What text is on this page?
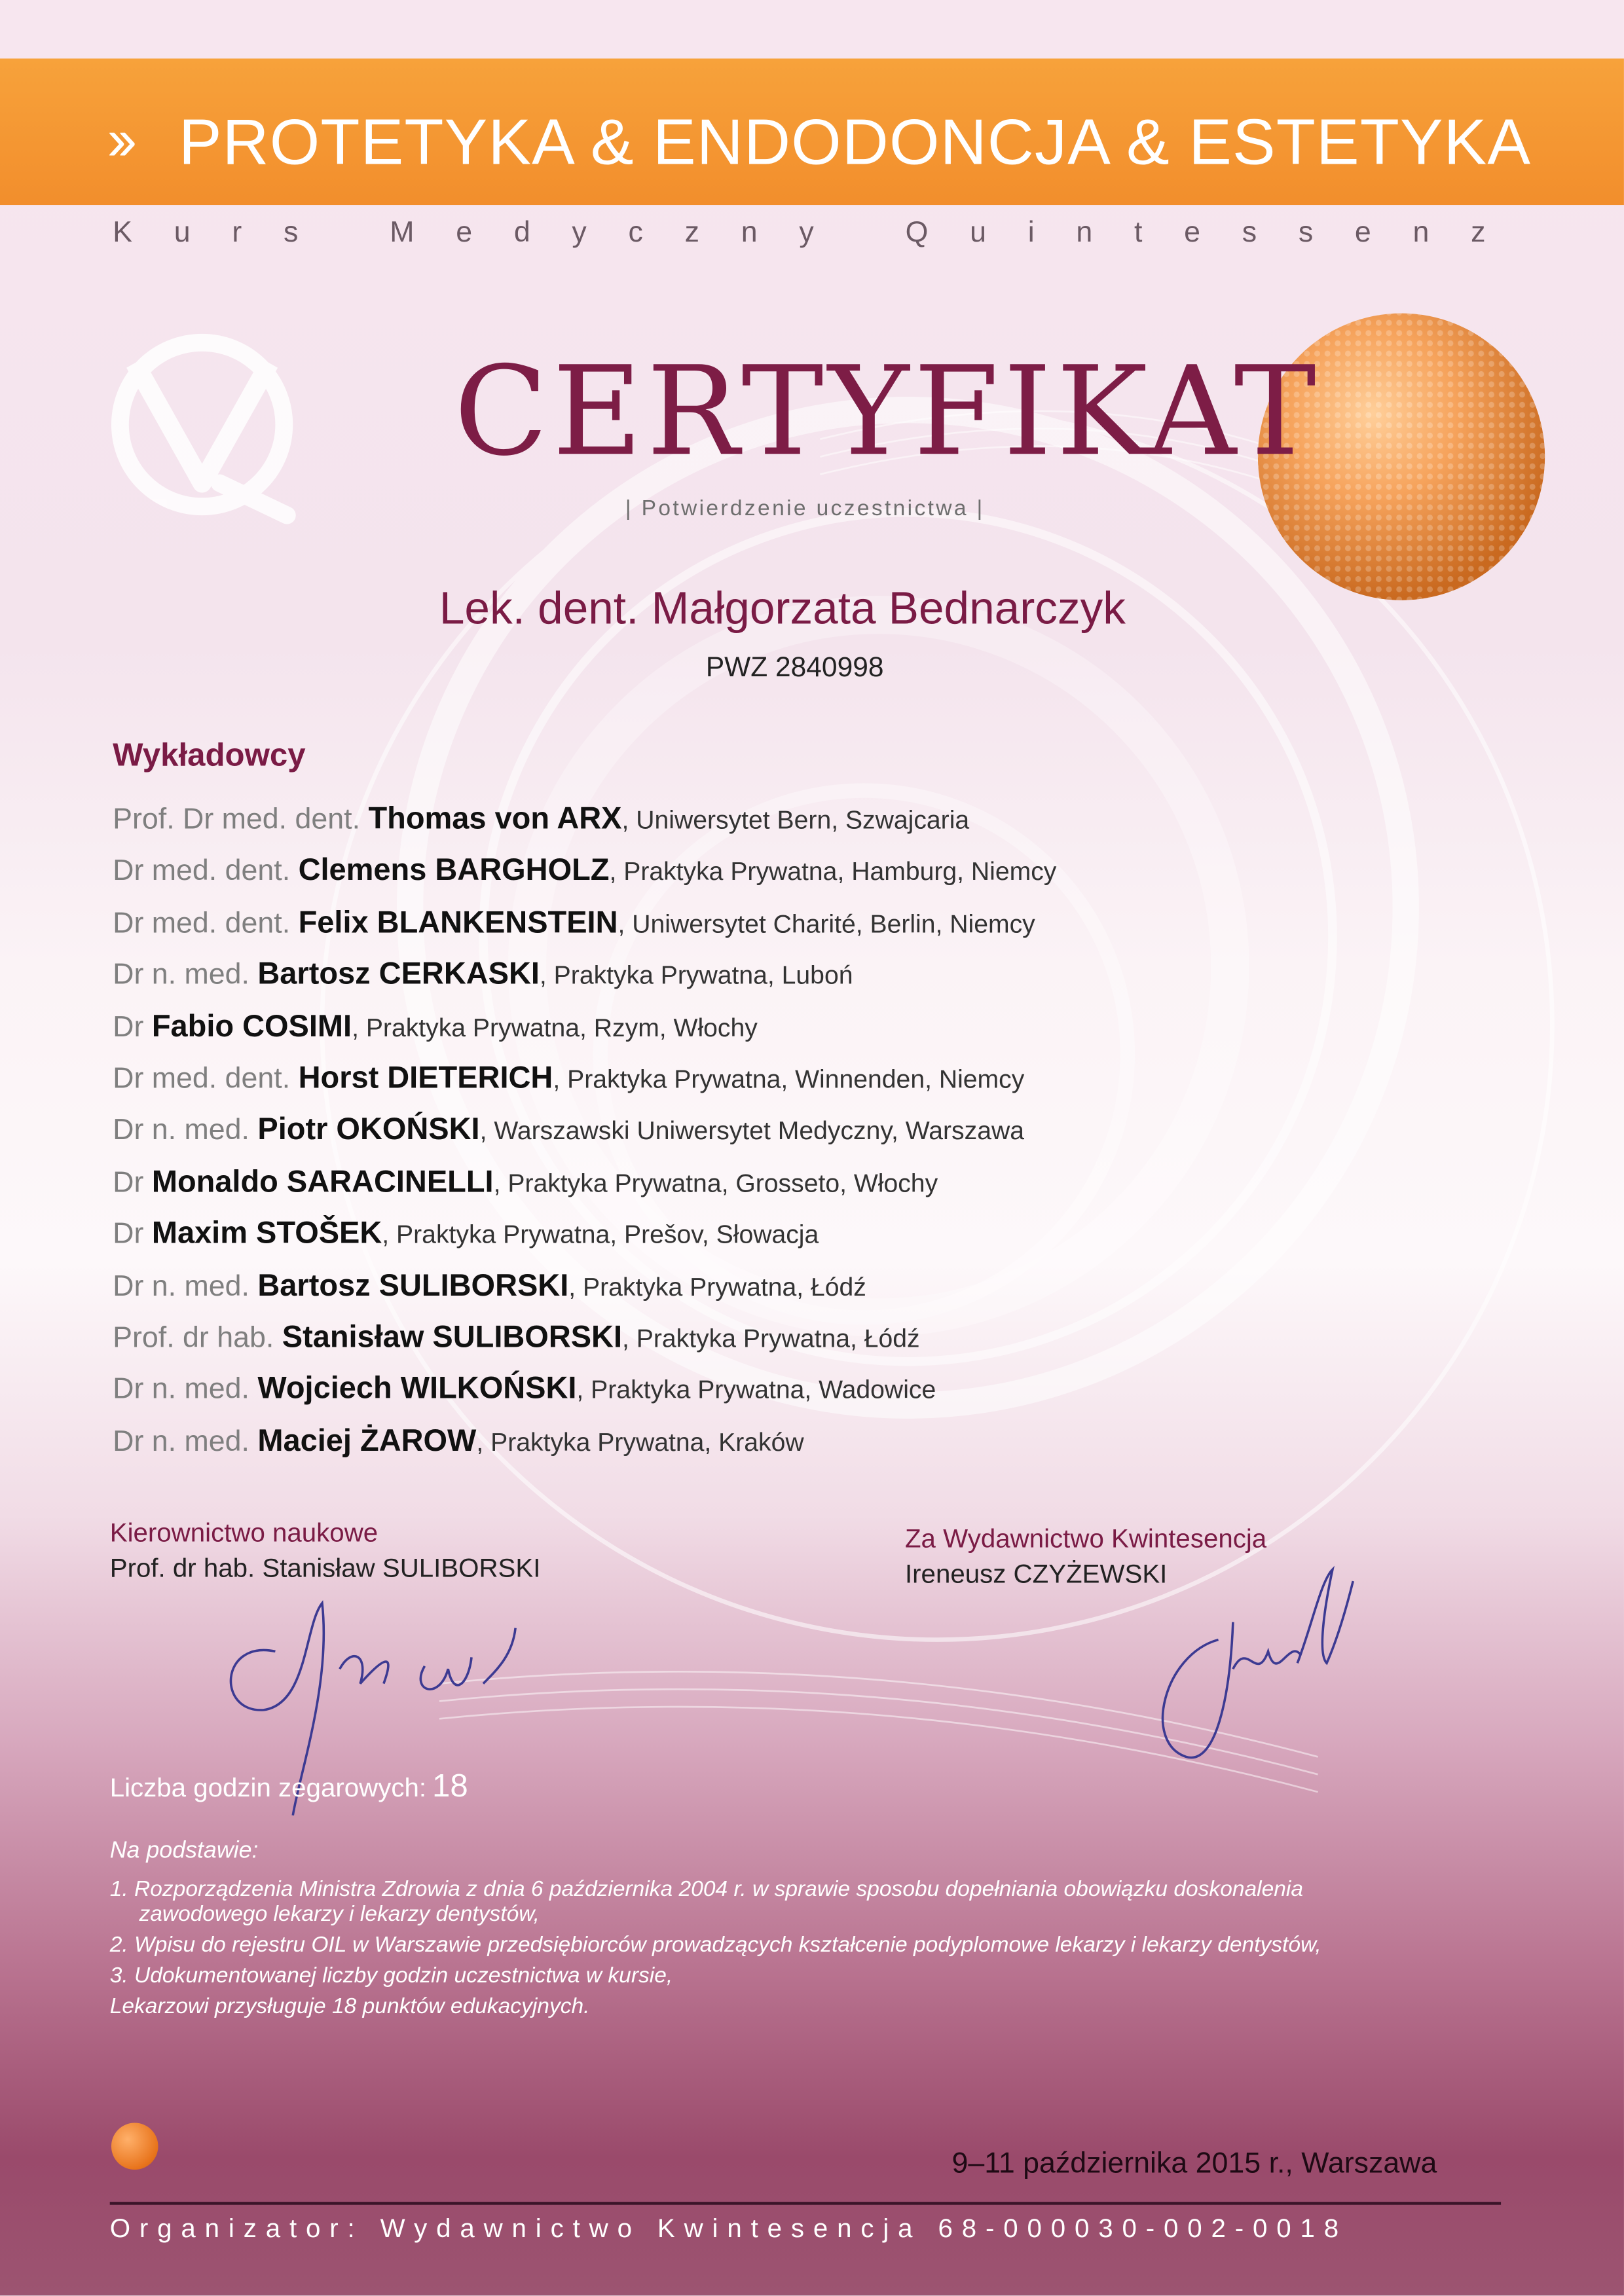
›› PROTETYKA & ENDODONCJA & ESTETYKA
Kurs Medyczny Quintessenz
CERTYFIKAT
| Potwierdzenie uczestnictwa |
Lek. dent. Małgorzata Bednarczyk
PWZ 2840998
Wykładowcy
Prof. Dr med. dent. Thomas von ARX, Uniwersytet Bern, Szwajcaria
Dr med. dent. Clemens BARGHOLZ, Praktyka Prywatna, Hamburg, Niemcy
Dr med. dent. Felix BLANKENSTEIN, Uniwersytet Charité, Berlin, Niemcy
Dr n. med. Bartosz CERKASKI, Praktyka Prywatna, Luboń
Dr Fabio COSIMI, Praktyka Prywatna, Rzym, Włochy
Dr med. dent. Horst DIETERICH, Praktyka Prywatna, Winnenden, Niemcy
Dr n. med. Piotr OKOŃSKI, Warszawski Uniwersytet Medyczny, Warszawa
Dr Monaldo SARACINELLI, Praktyka Prywatna, Grosseto, Włochy
Dr Maxim STOŠEK, Praktyka Prywatna, Prešov, Słowacja
Dr n. med. Bartosz SULIBORSKI, Praktyka Prywatna, Łódź
Prof. dr hab. Stanisław SULIBORSKI, Praktyka Prywatna, Łódź
Dr n. med. Wojciech WILKOŃSKI, Praktyka Prywatna, Wadowice
Dr n. med. Maciej ŻAROW, Praktyka Prywatna, Kraków
Kierownictwo naukowe
Prof. dr hab. Stanisław SULIBORSKI
Za Wydawnictwo Kwintesencja
Ireneusz CZYŻEWSKI
Liczba godzin zegarowych: 18
Na podstawie:
1. Rozporządzenia Ministra Zdrowia z dnia 6 października 2004 r. w sprawie sposobu dopełniania obowiązku doskonalenia
zawodowego lekarzy i lekarzy dentystów,
2. Wpisu do rejestru OIL w Warszawie przedsiębiorców prowadzących kształcenie podyplomowe lekarzy i lekarzy dentystów,
3. Udokumentowanej liczby godzin uczestnictwa w kursie,
Lekarzowi przysługuje 18 punktów edukacyjnych.
9–11 października 2015 r., Warszawa
Organizator: Wydawnictwo Kwintesencja 68-000030-002-0018
